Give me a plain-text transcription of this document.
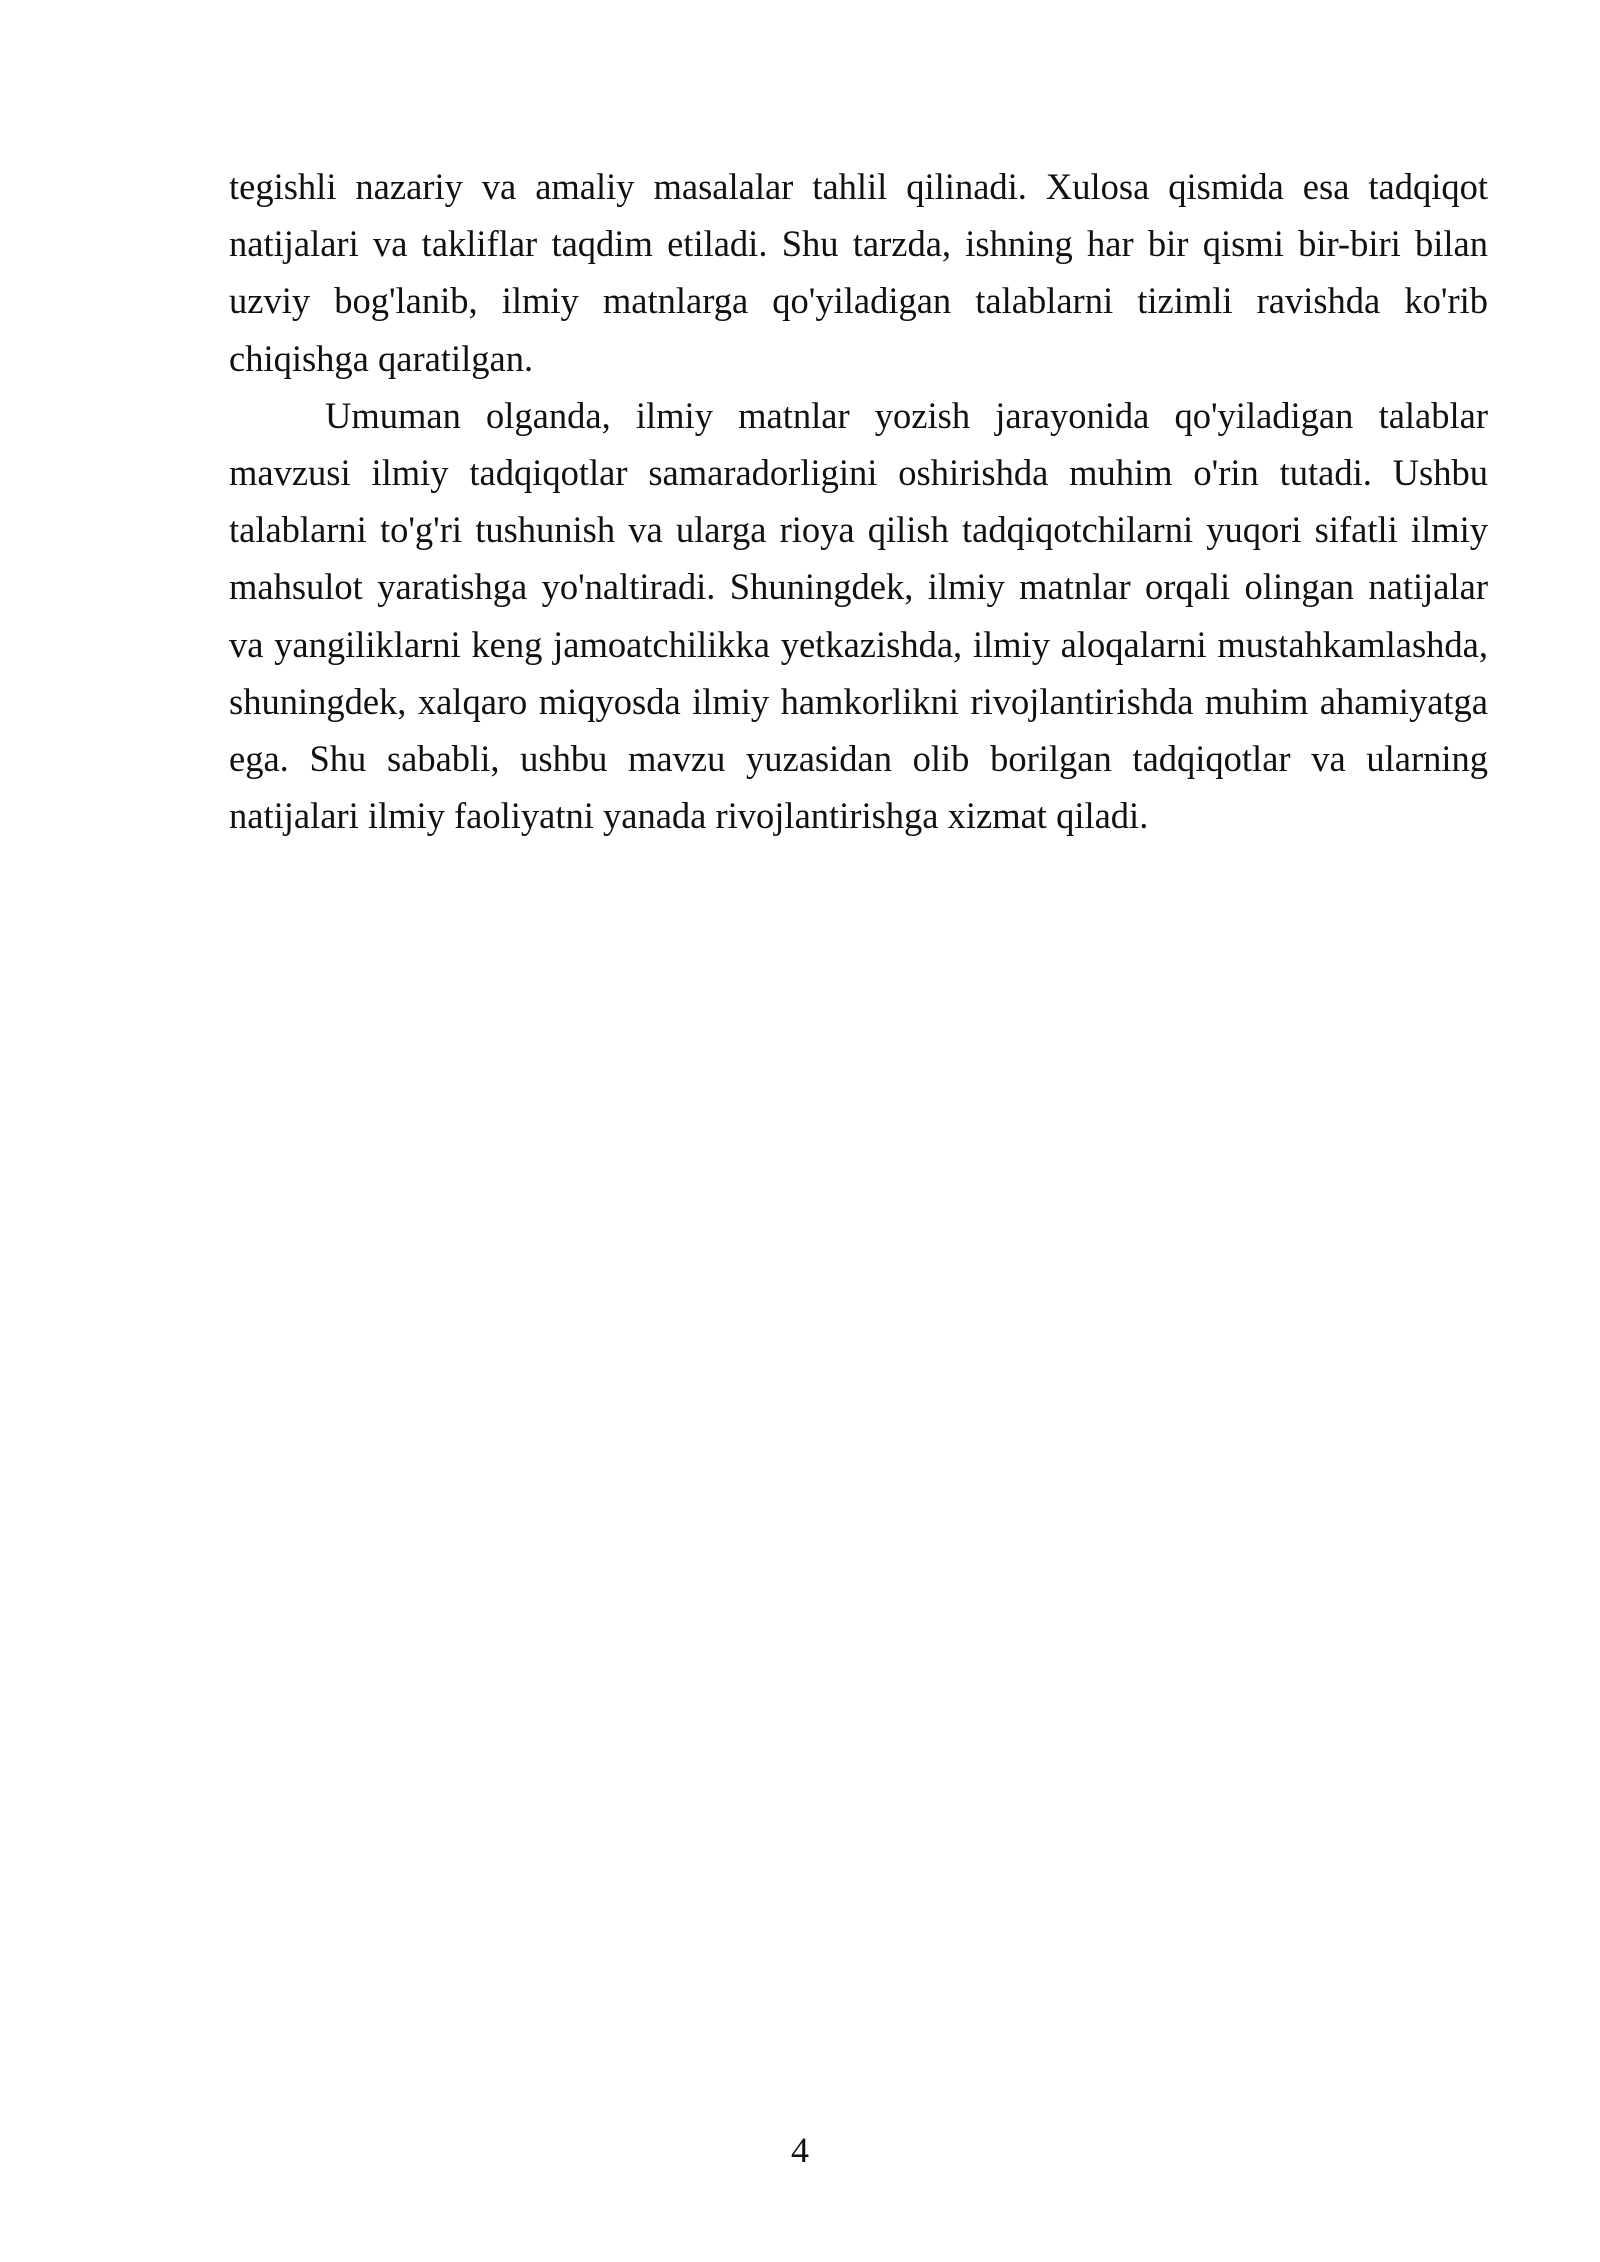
tegishli nazariy va amaliy masalalar tahlil qilinadi. Xulosa qismida esa tadqiqot natijalari va takliflar taqdim etiladi. Shu tarzda, ishning har bir qismi bir-biri bilan uzviy bog'lanib, ilmiy matnlarga qo'yiladigan talablarni tizimli ravishda ko'rib chiqishga qaratilgan.

Umuman olganda, ilmiy matnlar yozish jarayonida qo'yiladigan talablar mavzusi ilmiy tadqiqotlar samaradorligini oshirishda muhim o'rin tutadi. Ushbu talablarni to'g'ri tushunish va ularga rioya qilish tadqiqotchilarni yuqori sifatli ilmiy mahsulot yaratishga yo'naltiradi. Shuningdek, ilmiy matnlar orqali olingan natijalar va yangiliklarni keng jamoatchilikka yetkazishda, ilmiy aloqalarni mustahkamlashda, shuningdek, xalqaro miqyosda ilmiy hamkorlikni rivojlantirishda muhim ahamiyatga ega. Shu sababli, ushbu mavzu yuzasidan olib borilgan tadqiqotlar va ularning natijalari ilmiy faoliyatni yanada rivojlantirishga xizmat qiladi.

4
